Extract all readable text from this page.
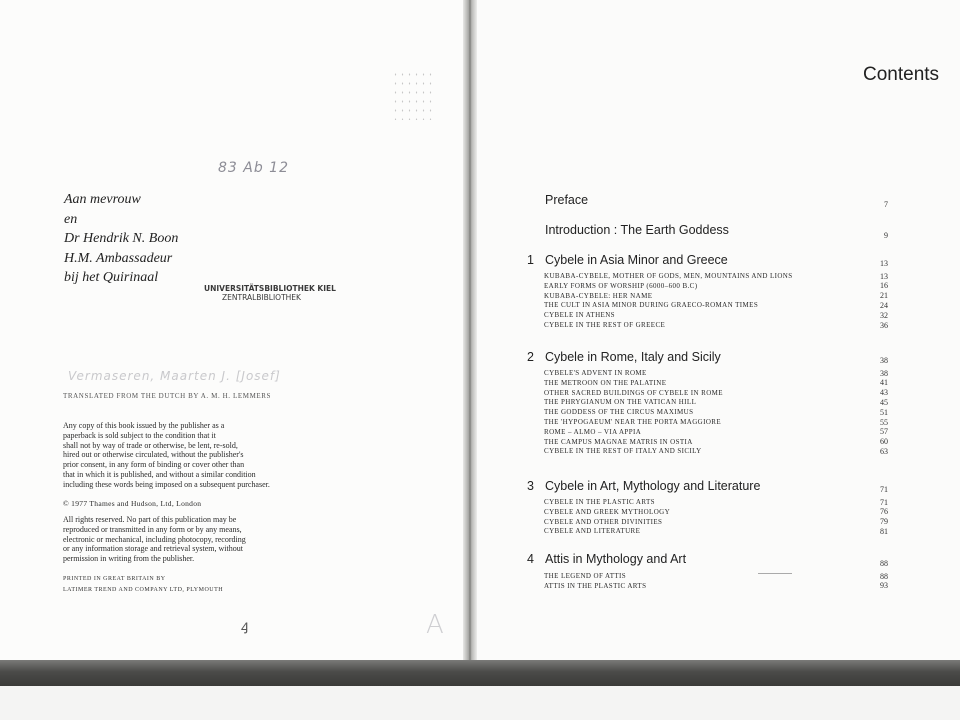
83 Ab 12
Aan mevrouw
en
Dr Hendrik N. Boon
H.M. Ambassadeur
bij het Quirinaal
UNIVERSITÄTSBIBLIOTHEK KIEL
ZENTRALBIBLIOTHEK
Vermaseren, Maarten J. [Josef]
TRANSLATED FROM THE DUTCH BY A. M. H. LEMMERS
Any copy of this book issued by the publisher as a
paperback is sold subject to the condition that it
shall not by way of trade or otherwise, be lent, re-sold,
hired out or otherwise circulated, without the publisher's
prior consent, in any form of binding or cover other than
that in which it is published, and without a similar condition
including these words being imposed on a subsequent purchaser.
© 1977 Thames and Hudson, Ltd, London
All rights reserved. No part of this publication may be
reproduced or transmitted in any form or by any means,
electronic or mechanical, including photocopy, recording
or any information storage and retrieval system, without
permission in writing from the publisher.
PRINTED IN GREAT BRITAIN BY
LATIMER TREND AND COMPANY LTD, PLYMOUTH
ꜭ	A
Contents
Preface	7
Introduction : The Earth Goddess	9
1 Cybele in Asia Minor and Greece	13
KUBABA-CYBELE, MOTHER OF GODS, MEN, MOUNTAINS AND LIONS	13
EARLY FORMS OF WORSHIP (6000–600 B.C)	16
KUBABA-CYBELE: HER NAME	21
THE CULT IN ASIA MINOR DURING GRAECO-ROMAN TIMES	24
CYBELE IN ATHENS	32
CYBELE IN THE REST OF GREECE	36
2 Cybele in Rome, Italy and Sicily	38
CYBELE'S ADVENT IN ROME	38
THE METROON ON THE PALATINE	41
OTHER SACRED BUILDINGS OF CYBELE IN ROME	43
THE PHRYGIANUM ON THE VATICAN HILL	45
THE GODDESS OF THE CIRCUS MAXIMUS	51
THE 'HYPOGAEUM' NEAR THE PORTA MAGGIORE	55
ROME – ALMO – VIA APPIA	57
THE CAMPUS MAGNAE MATRIS IN OSTIA	60
CYBELE IN THE REST OF ITALY AND SICILY	63
3 Cybele in Art, Mythology and Literature	71
CYBELE IN THE PLASTIC ARTS	71
CYBELE AND GREEK MYTHOLOGY	76
CYBELE AND OTHER DIVINITIES	79
CYBELE AND LITERATURE	81
4 Attis in Mythology and Art	88
THE LEGEND OF ATTIS	88
ATTIS IN THE PLASTIC ARTS	93
